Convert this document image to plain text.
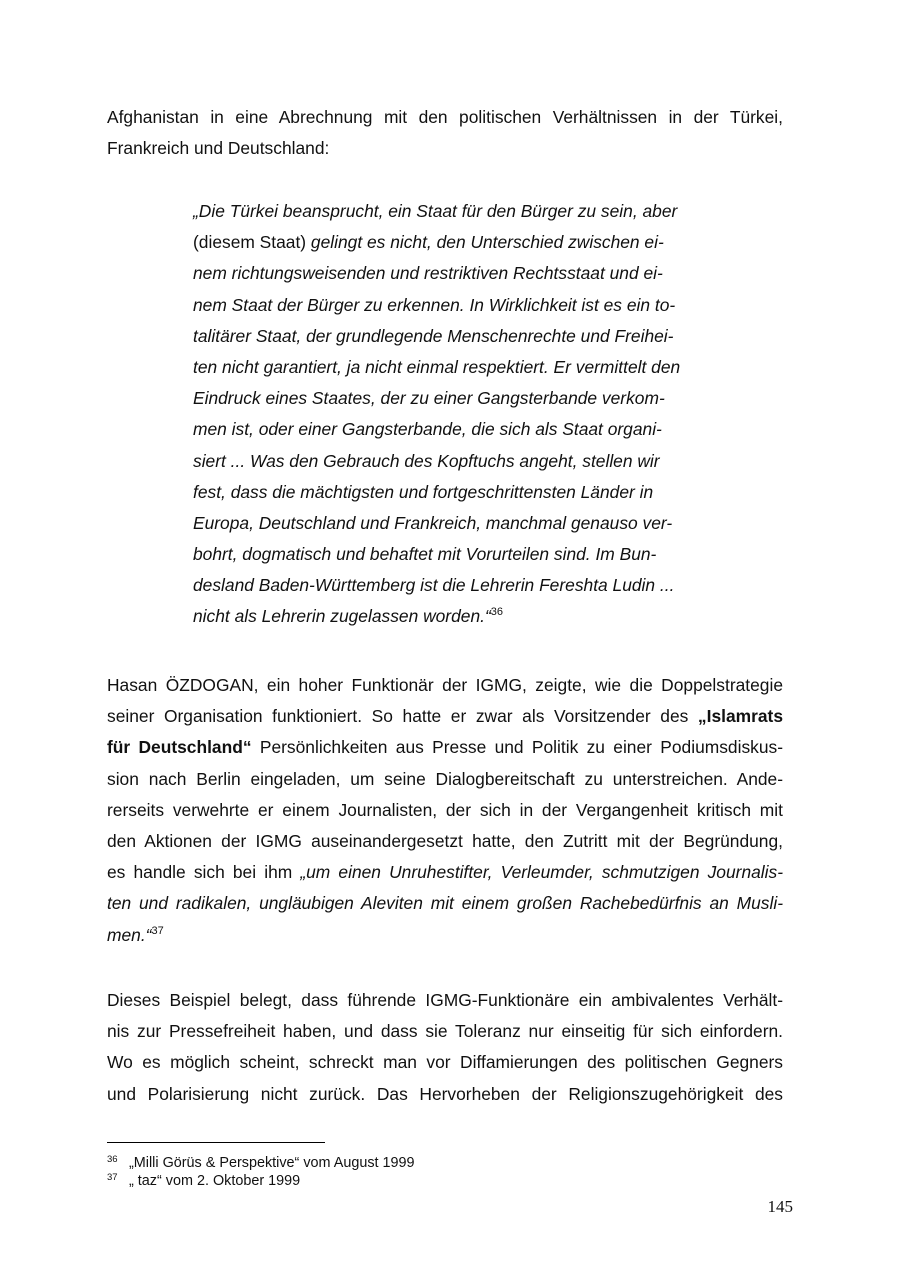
Afghanistan in eine Abrechnung mit den politischen Verhältnissen in der Türkei,
Frankreich und Deutschland:
„Die Türkei beansprucht, ein Staat für den Bürger zu sein, aber
(diesem Staat) gelingt es nicht, den Unterschied zwischen ei-
nem richtungsweisenden und restriktiven Rechtsstaat und ei-
nem Staat der Bürger zu erkennen. In Wirklichkeit ist es ein to-
talitärer Staat, der grundlegende Menschenrechte und Freihei-
ten nicht garantiert, ja nicht einmal respektiert. Er vermittelt den
Eindruck eines Staates, der zu einer Gangsterbande verkom-
men ist, oder einer Gangsterbande, die sich als Staat organi-
siert ... Was den Gebrauch des Kopftuchs angeht, stellen wir
fest, dass die mächtigsten und fortgeschrittensten Länder in
Europa, Deutschland und Frankreich, manchmal genauso ver-
bohrt, dogmatisch und behaftet mit Vorurteilen sind. Im Bun-
desland Baden-Württemberg ist die Lehrerin Fereshta Ludin ...
nicht als Lehrerin zugelassen worden.“$^{36}$
Hasan ÖZDOGAN, ein hoher Funktionär der IGMG, zeigte, wie die Doppelstrategie
seiner Organisation funktioniert. So hatte er zwar als Vorsitzender des „Islamrats
für Deutschland“ Persönlichkeiten aus Presse und Politik zu einer Podiumsdiskus-
sion nach Berlin eingeladen, um seine Dialogbereitschaft zu unterstreichen. Ande-
rerseits verwehrte er einem Journalisten, der sich in der Vergangenheit kritisch mit
den Aktionen der IGMG auseinandergesetzt hatte, den Zutritt mit der Begründung,
es handle sich bei ihm „um einen Unruhestifter, Verleumder, schmutzigen Journalis-
ten und radikalen, ungläubigen Aleviten mit einem großen Rachebedürfnis an Musli-
men.“$^{37}$
Dieses Beispiel belegt, dass führende IGMG-Funktionäre ein ambivalentes Verhält-
nis zur Pressefreiheit haben, und dass sie Toleranz nur einseitig für sich einfordern.
Wo es möglich scheint, schreckt man vor Diffamierungen des politischen Gegners
und Polarisierung nicht zurück. Das Hervorheben der Religionszugehörigkeit des
36 „Milli Görüs & Perspektive“ vom August 1999
37 „ taz“ vom 2. Oktober 1999
145
